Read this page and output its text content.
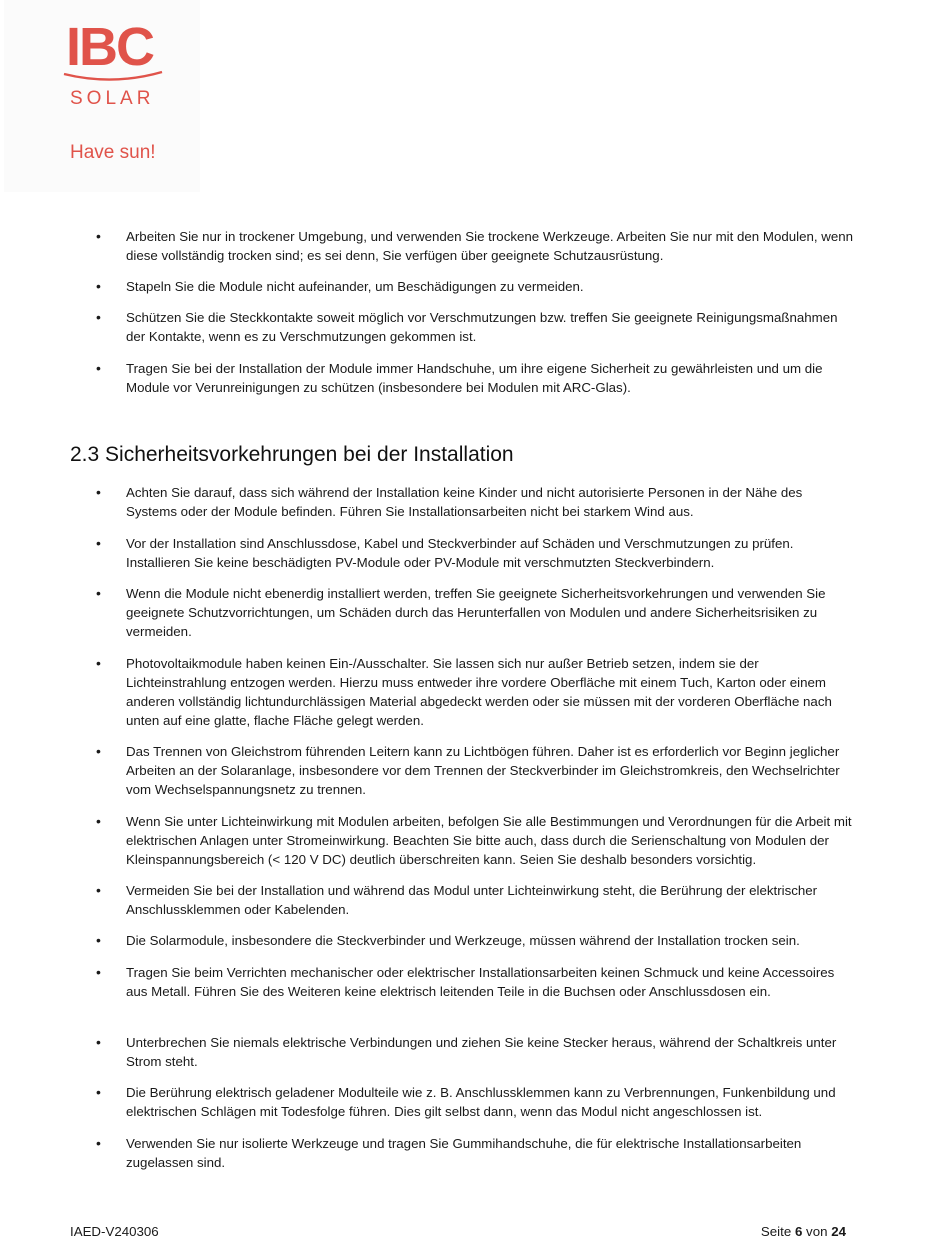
IBC
SOLAR
Have sun!
• Arbeiten Sie nur in trockener Umgebung, und verwenden Sie trockene Werkzeuge. Arbeiten Sie nur mit den Modulen, wenn diese vollständig trocken sind; es sei denn, Sie verfügen über geeignete Schutzausrüstung.
• Stapeln Sie die Module nicht aufeinander, um Beschädigungen zu vermeiden.
• Schützen Sie die Steckkontakte soweit möglich vor Verschmutzungen bzw. treffen Sie geeignete Reinigungsmaßnahmen der Kontakte, wenn es zu Verschmutzungen gekommen ist.
• Tragen Sie bei der Installation der Module immer Handschuhe, um ihre eigene Sicherheit zu gewährleisten und um die Module vor Verunreinigungen zu schützen (insbesondere bei Modulen mit ARC-Glas).
2.3 Sicherheitsvorkehrungen bei der Installation
• Achten Sie darauf, dass sich während der Installation keine Kinder und nicht autorisierte Personen in der Nähe des Systems oder der Module befinden. Führen Sie Installationsarbeiten nicht bei starkem Wind aus.
• Vor der Installation sind Anschlussdose, Kabel und Steckverbinder auf Schäden und Verschmutzungen zu prüfen. Installieren Sie keine beschädigten PV-Module oder PV-Module mit verschmutzten Steckverbindern.
• Wenn die Module nicht ebenerdig installiert werden, treffen Sie geeignete Sicherheitsvorkehrungen und verwenden Sie geeignete Schutzvorrichtungen, um Schäden durch das Herunterfallen von Modulen und andere Sicherheitsrisiken zu vermeiden.
• Photovoltaikmodule haben keinen Ein-/Ausschalter. Sie lassen sich nur außer Betrieb setzen, indem sie der Lichteinstrahlung entzogen werden. Hierzu muss entweder ihre vordere Oberfläche mit einem Tuch, Karton oder einem anderen vollständig lichtundurchlässigen Material abgedeckt werden oder sie müssen mit der vorderen Oberfläche nach unten auf eine glatte, flache Fläche gelegt werden.
• Das Trennen von Gleichstrom führenden Leitern kann zu Lichtbögen führen. Daher ist es erforderlich vor Beginn jeglicher Arbeiten an der Solaranlage, insbesondere vor dem Trennen der Steckverbinder im Gleichstromkreis, den Wechselrichter vom Wechselspannungsnetz zu trennen.
• Wenn Sie unter Lichteinwirkung mit Modulen arbeiten, befolgen Sie alle Bestimmungen und Verordnungen für die Arbeit mit elektrischen Anlagen unter Stromeinwirkung. Beachten Sie bitte auch, dass durch die Serienschaltung von Modulen der Kleinspannungsbereich (< 120 V DC) deutlich überschreiten kann. Seien Sie deshalb besonders vorsichtig.
• Vermeiden Sie bei der Installation und während das Modul unter Lichteinwirkung steht, die Berührung der elektrischer Anschlussklemmen oder Kabelenden.
• Die Solarmodule, insbesondere die Steckverbinder und Werkzeuge, müssen während der Installation trocken sein.
• Tragen Sie beim Verrichten mechanischer oder elektrischer Installationsarbeiten keinen Schmuck und keine Accessoires aus Metall. Führen Sie des Weiteren keine elektrisch leitenden Teile in die Buchsen oder Anschlussdosen ein.
• Unterbrechen Sie niemals elektrische Verbindungen und ziehen Sie keine Stecker heraus, während der Schaltkreis unter Strom steht.
• Die Berührung elektrisch geladener Modulteile wie z. B. Anschlussklemmen kann zu Verbrennungen, Funkenbildung und elektrischen Schlägen mit Todesfolge führen. Dies gilt selbst dann, wenn das Modul nicht angeschlossen ist.
• Verwenden Sie nur isolierte Werkzeuge und tragen Sie Gummihandschuhe, die für elektrische Installationsarbeiten zugelassen sind.
IAED-V240306	Seite 6 von 24
